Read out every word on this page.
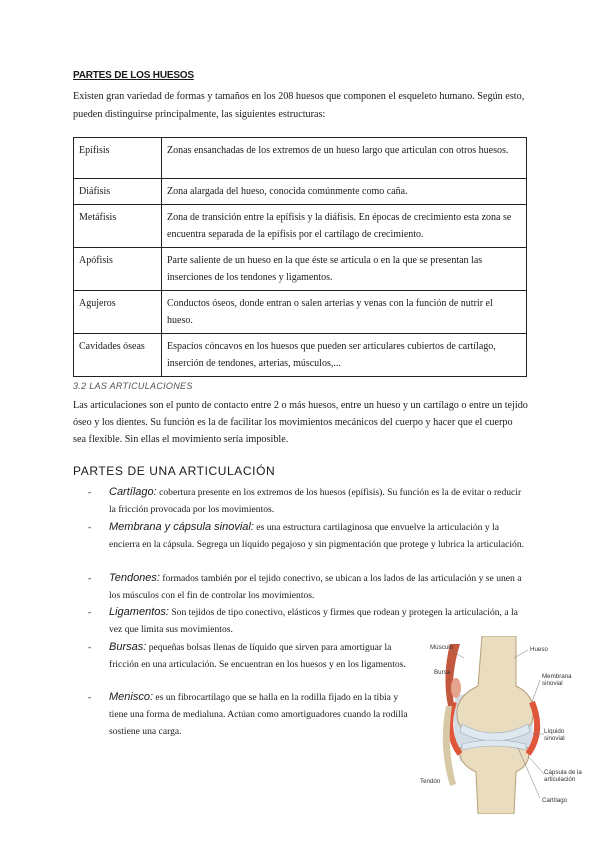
PARTES DE LOS HUESOS
Existen gran variedad de formas y tamaños en los 208 huesos que componen el esqueleto humano. Según esto, pueden distinguirse principalmente, las siguientes estructuras:
Epífisis	Zonas ensanchadas de los extremos de un hueso largo que articulan con otros huesos.
Diáfisis	Zona alargada del hueso, conocida comúnmente como caña.
Metáfisis	Zona de transición entre la epífisis y la diáfisis. En épocas de crecimiento esta zona se encuentra separada de la epífisis por el cartílago de crecimiento.
Apófisis	Parte saliente de un hueso en la que éste se articula o en la que se presentan las inserciones de los tendones y ligamentos.
Agujeros	Conductos óseos, donde entran o salen arterias y venas con la función de nutrir el hueso.
Cavidades óseas	Espacios cóncavos en los huesos que pueden ser articulares cubiertos de cartílago, inserción de tendones, arterias, músculos,...
3.2 LAS ARTICULACIONES
Las articulaciones son el punto de contacto entre 2 o más huesos, entre un hueso y un cartílago o entre un tejido óseo y los dientes. Su función es la de facilitar los movimientos mecánicos del cuerpo y hacer que el cuerpo sea flexible. Sin ellas el movimiento sería imposible.
PARTES DE UNA ARTICULACIÓN
- Cartílago: cobertura presente en los extremos de los huesos (epífisis). Su función es la de evitar o reducir la fricción provocada por los movimientos.
- Membrana y cápsula sinovial: es una estructura cartilaginosa que envuelve la articulación y la encierra en la cápsula. Segrega un líquido pegajoso y sin pigmentación que protege y lubrica la articulación.
- Tendones: formados también por el tejido conectivo, se ubican a los lados de las articulación y se unen a los músculos con el fin de controlar los movimientos.
- Ligamentos: Son tejidos de tipo conectivo, elásticos y firmes que rodean y protegen la articulación, a la vez que limita sus movimientos.
- Bursas: pequeñas bolsas llenas de líquido que sirven para amortiguar la fricción en una articulación. Se encuentran en los huesos y en los ligamentos.
- Menisco: es un fibrocartílago que se halla en la rodilla fijado en la tibia y tiene una forma de medialuna. Actúan como amortiguadores cuando la rodilla sostiene una carga.
Músculo	Hueso
Bursa
Membrana sinovial
Líquido sinovial
Tendón
Cápsula de la articulación
Cartílago
